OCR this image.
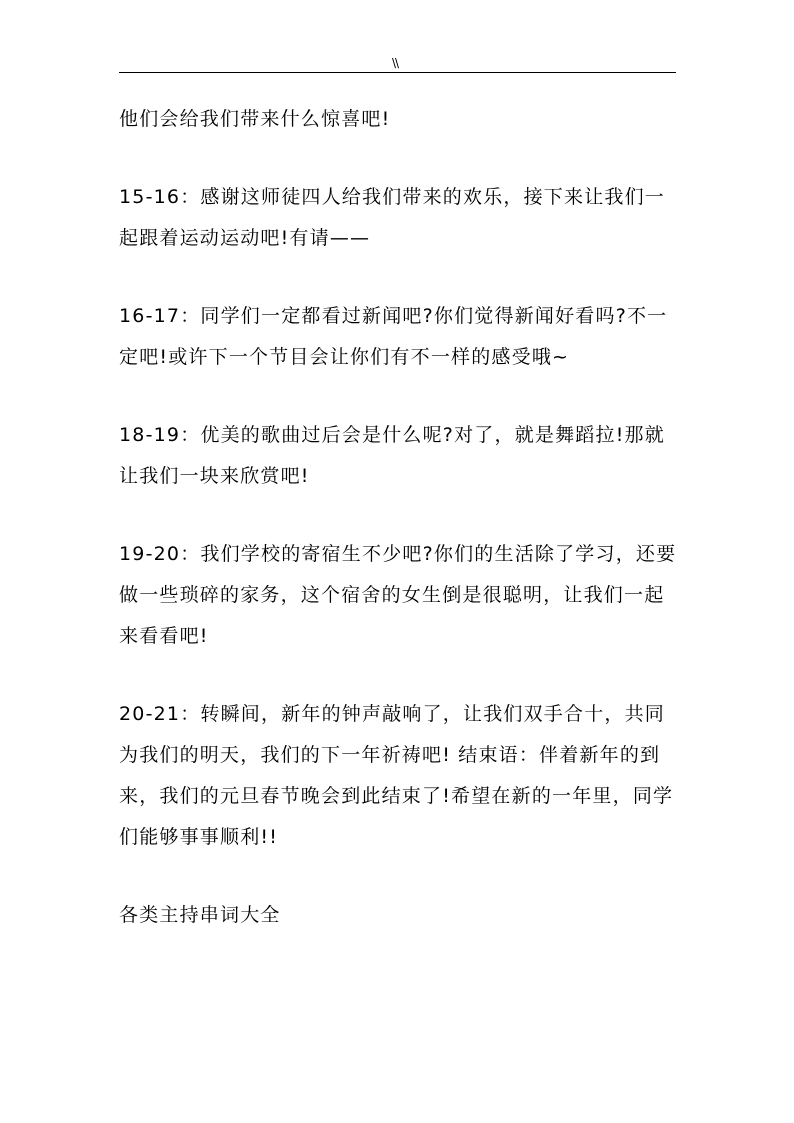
\\

他们会给我们带来什么惊喜吧!

15-16：感谢这师徒四人给我们带来的欢乐，接下来让我们一起跟着运动运动吧!有请——

16-17：同学们一定都看过新闻吧?你们觉得新闻好看吗?不一定吧!或许下一个节目会让你们有不一样的感受哦~

18-19：优美的歌曲过后会是什么呢?对了，就是舞蹈拉!那就让我们一块来欣赏吧!

19-20：我们学校的寄宿生不少吧?你们的生活除了学习，还要做一些琐碎的家务，这个宿舍的女生倒是很聪明，让我们一起来看看吧!

20-21：转瞬间，新年的钟声敲响了，让我们双手合十，共同为我们的明天，我们的下一年祈祷吧! 结束语：伴着新年的到来，我们的元旦春节晚会到此结束了!希望在新的一年里，同学们能够事事顺利!!

各类主持串词大全
